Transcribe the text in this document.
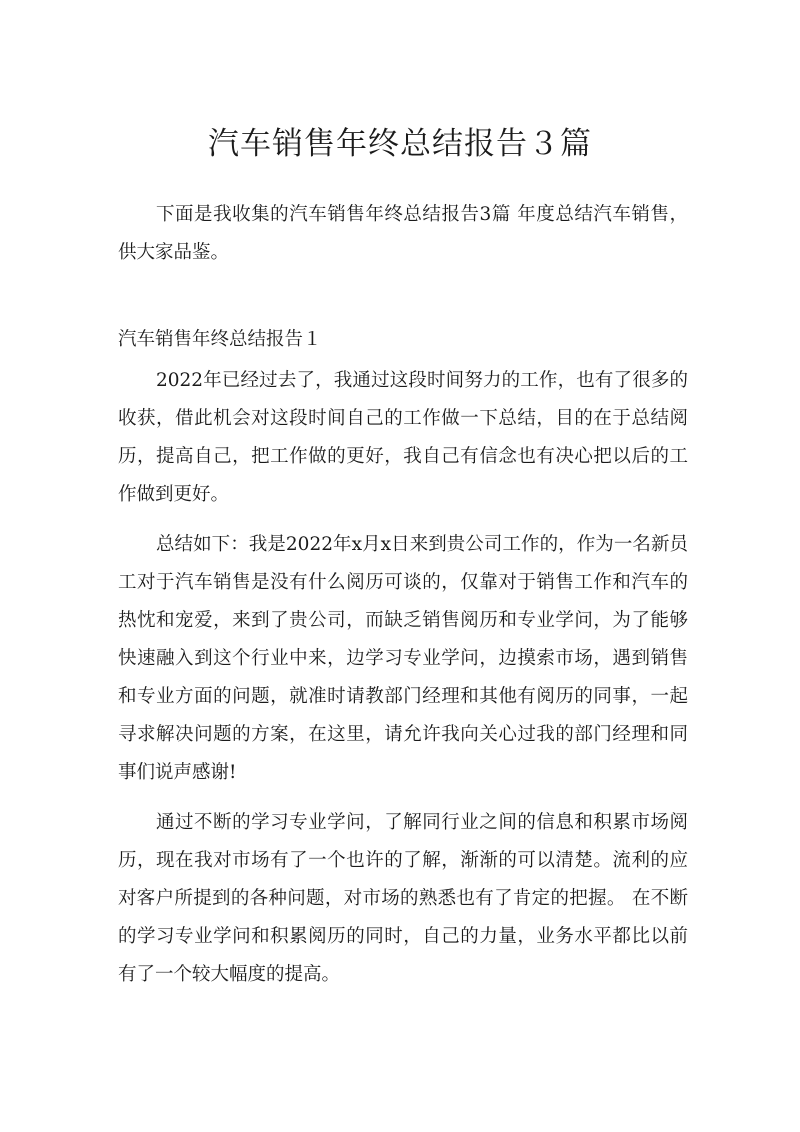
汽车销售年终总结报告３篇

下面是我收集的汽车销售年终总结报告3篇 年度总结汽车销售，供大家品鉴。

汽车销售年终总结报告１

2022年已经过去了，我通过这段时间努力的工作，也有了很多的收获，借此机会对这段时间自己的工作做一下总结，目的在于总结阅历，提高自己，把工作做的更好，我自己有信念也有决心把以后的工作做到更好。

总结如下：我是2022年x月x日来到贵公司工作的，作为一名新员工对于汽车销售是没有什么阅历可谈的，仅靠对于销售工作和汽车的热忱和宠爱，来到了贵公司，而缺乏销售阅历和专业学问，为了能够快速融入到这个行业中来，边学习专业学问，边摸索市场，遇到销售和专业方面的问题，就准时请教部门经理和其他有阅历的同事，一起寻求解决问题的方案，在这里，请允许我向关心过我的部门经理和同事们说声感谢!

通过不断的学习专业学问，了解同行业之间的信息和积累市场阅历，现在我对市场有了一个也许的了解，渐渐的可以清楚。流利的应对客户所提到的各种问题，对市场的熟悉也有了肯定的把握。 在不断的学习专业学问和积累阅历的同时，自己的力量，业务水平都比以前有了一个较大幅度的提高。
